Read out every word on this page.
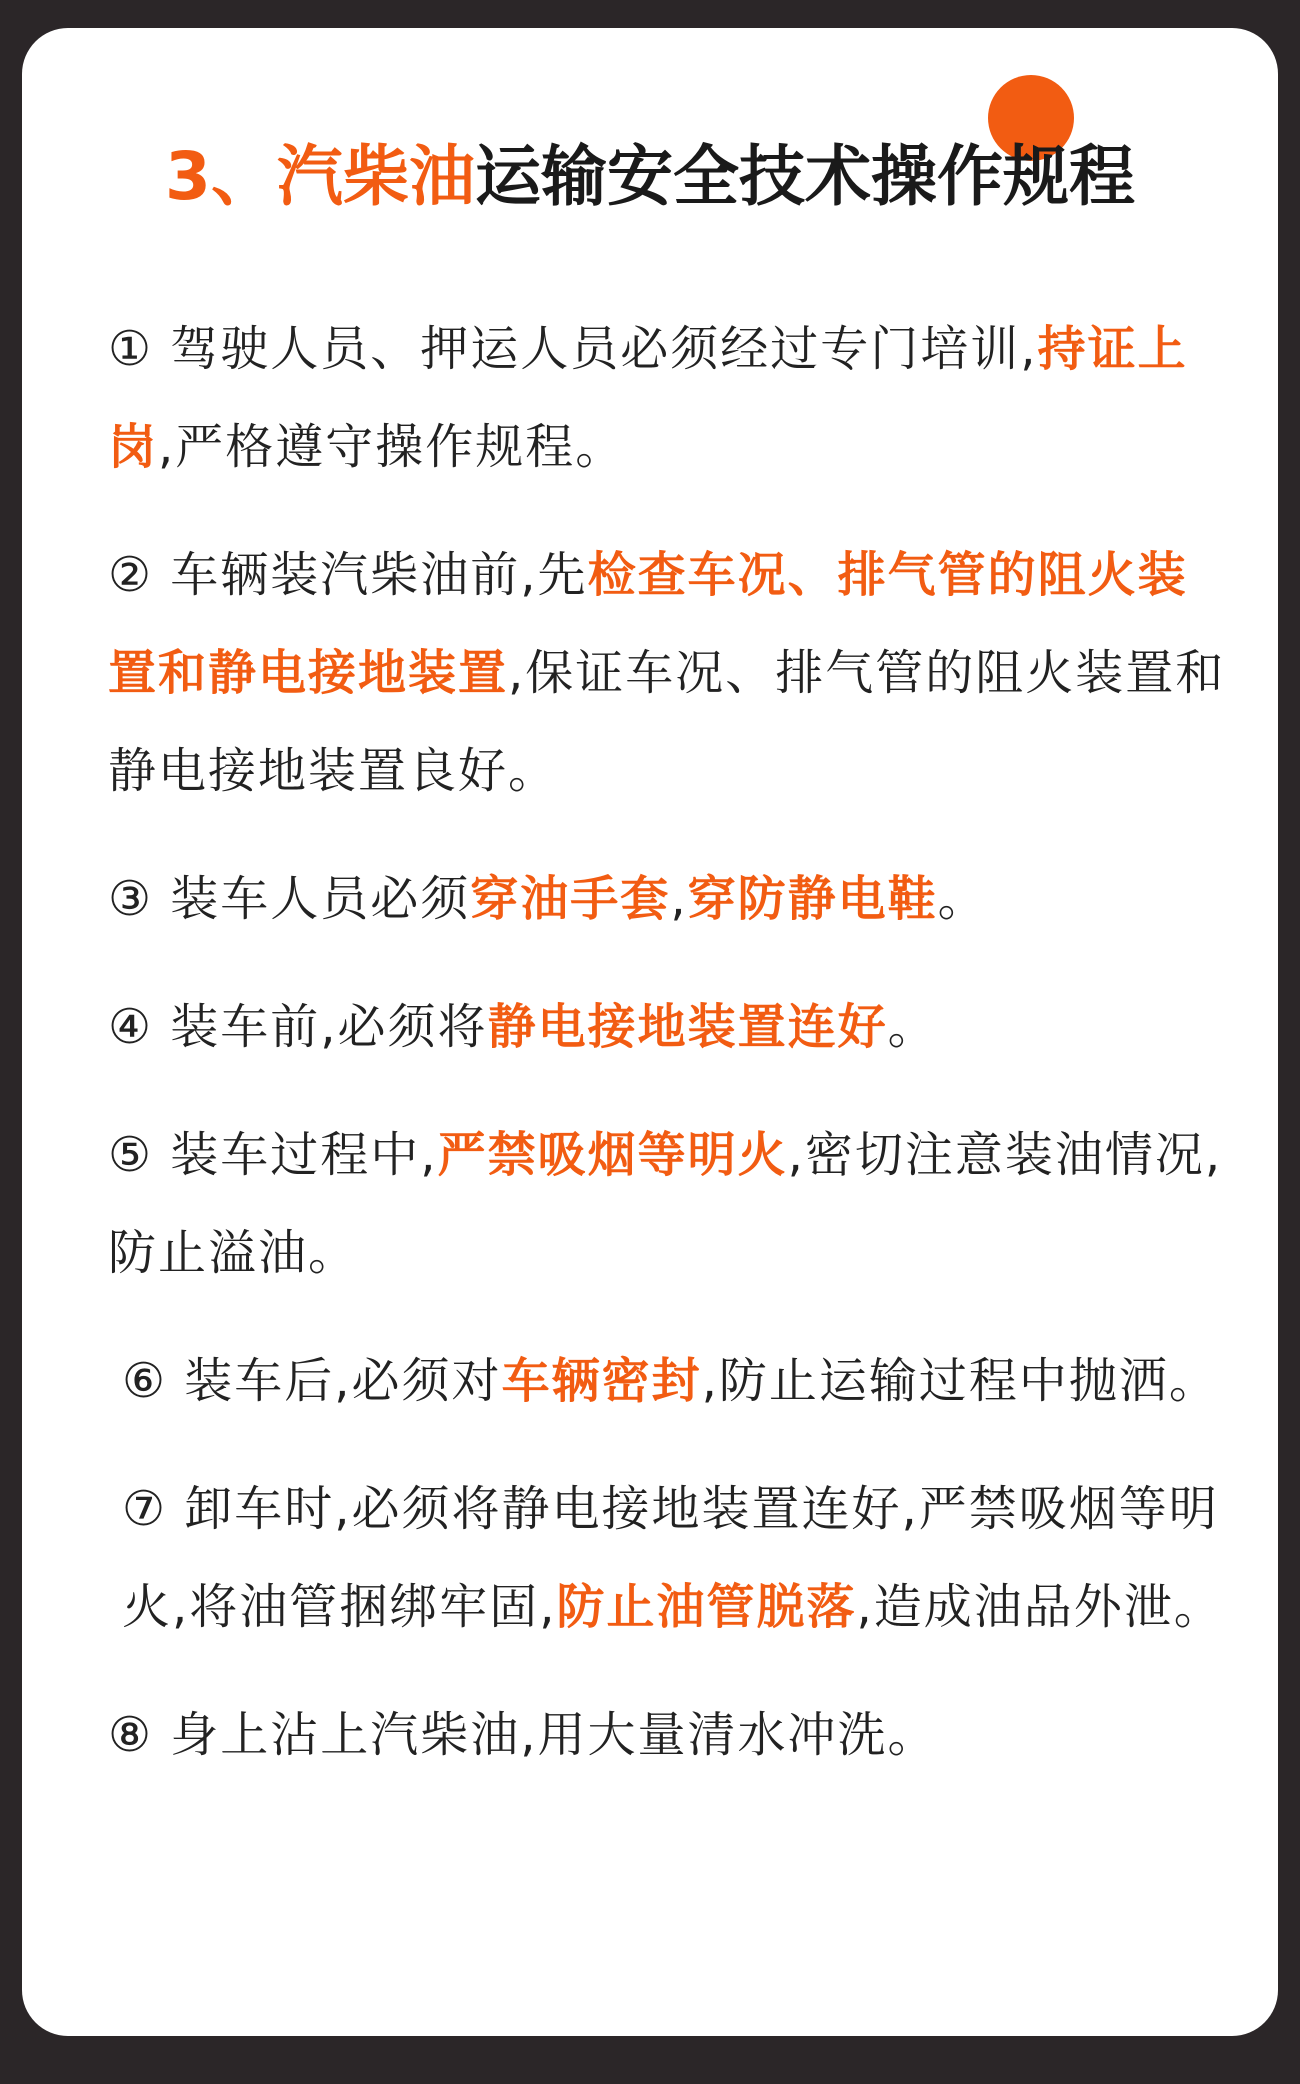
3、汽柴油运输安全技术操作规程
① 驾驶人员、押运人员必须经过专门培训,持证上岗,严格遵守操作规程。
② 车辆装汽柴油前,先检查车况、排气管的阻火装置和静电接地装置,保证车况、排气管的阻火装置和静电接地装置良好。
③ 装车人员必须穿油手套,穿防静电鞋。
④ 装车前,必须将静电接地装置连好。
⑤ 装车过程中,严禁吸烟等明火,密切注意装油情况,防止溢油。
⑥ 装车后,必须对车辆密封,防止运输过程中抛洒。
⑦ 卸车时,必须将静电接地装置连好,严禁吸烟等明火,将油管捆绑牢固,防止油管脱落,造成油品外泄。
⑧ 身上沾上汽柴油,用大量清水冲洗。
